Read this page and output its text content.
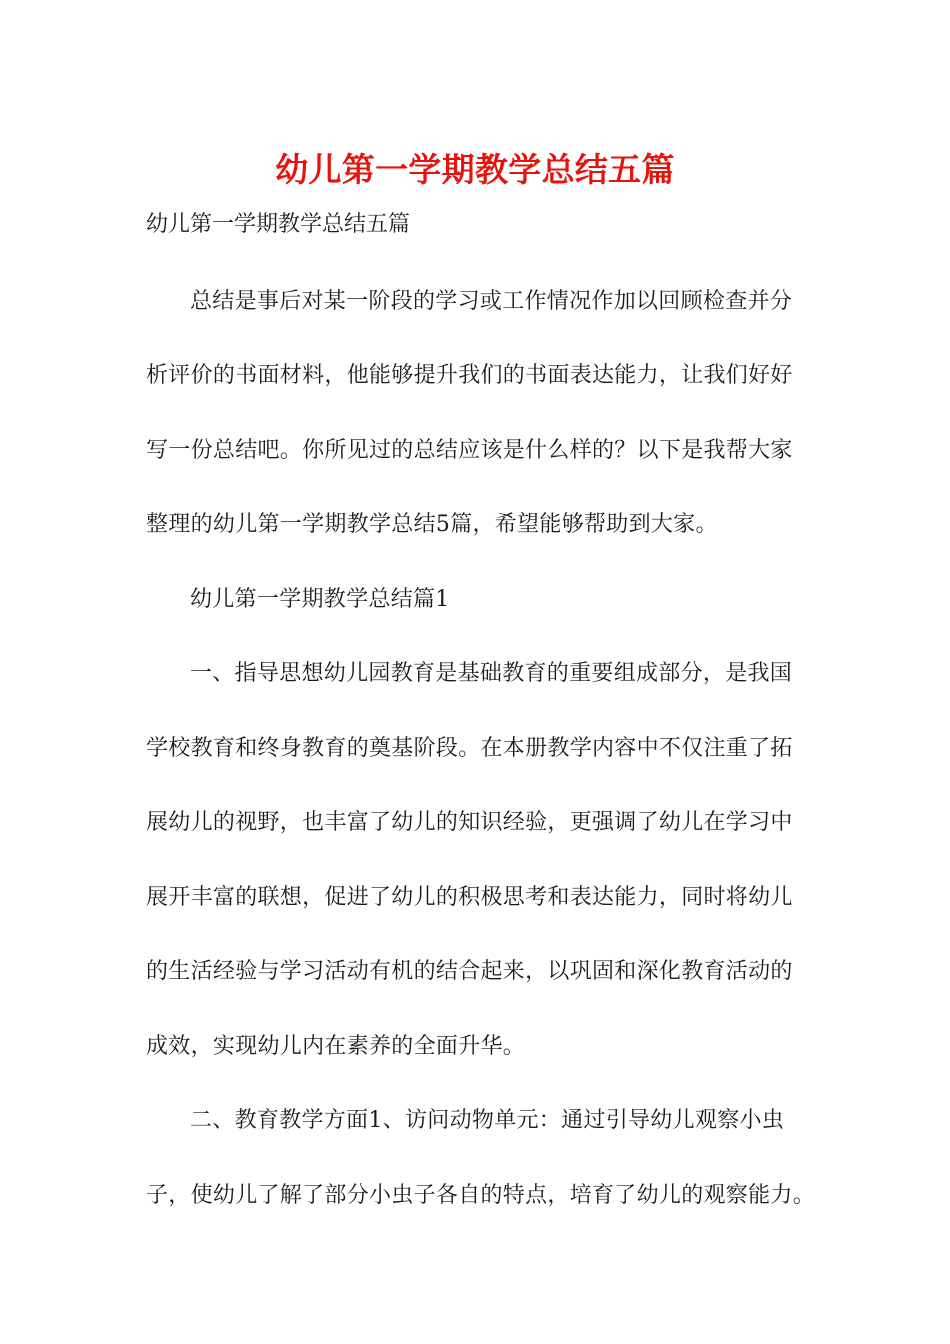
幼儿第一学期教学总结五篇
幼儿第一学期教学总结五篇
总结是事后对某一阶段的学习或工作情况作加以回顾检查并分
析评价的书面材料，他能够提升我们的书面表达能力，让我们好好
写一份总结吧。你所见过的总结应该是什么样的？以下是我帮大家
整理的幼儿第一学期教学总结5篇，希望能够帮助到大家。
幼儿第一学期教学总结篇1
一、指导思想幼儿园教育是基础教育的重要组成部分，是我国
学校教育和终身教育的奠基阶段。在本册教学内容中不仅注重了拓
展幼儿的视野，也丰富了幼儿的知识经验，更强调了幼儿在学习中
展开丰富的联想，促进了幼儿的积极思考和表达能力，同时将幼儿
的生活经验与学习活动有机的结合起来，以巩固和深化教育活动的
成效，实现幼儿内在素养的全面升华。
二、教育教学方面1、访问动物单元：通过引导幼儿观察小虫
子，使幼儿了解了部分小虫子各自的特点，培育了幼儿的观察能力。
